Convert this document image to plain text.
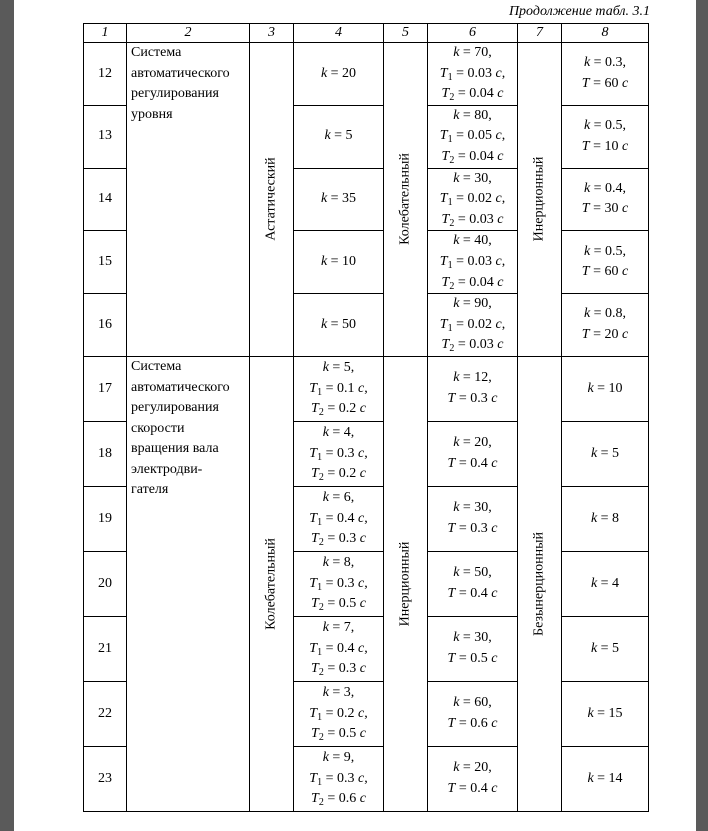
Продолжение табл. 3.1
1	2	3	4	5	6	7	8
12	Система автоматического регулирования уровня	Астатический	k = 20	Колебательный	k = 70,
$T_1 = 0.03$ с,
$T_2 = 0.04$ с	Инерционный	k = 0.3,
T = 60 с

13			k = 5		k = 80,
$T_1 = 0.05$ с,
$T_2 = 0.04$ с		k = 0.5,
T = 10 с

14			k = 35		k = 30,
$T_1 = 0.02$ с,
$T_2 = 0.03$ с		k = 0.4,
T = 30 с

15			k = 10		k = 40,
$T_1 = 0.03$ с,
$T_2 = 0.04$ с		k = 0.5,
T = 60 с

16			k = 50		k = 90,
$T_1 = 0.02$ с,
$T_2 = 0.03$ с		k = 0.8,
T = 20 с

17	Система автоматического регулирования скорости вращения вала электродви-гателя	Колебательный	k = 5,
$T_1 = 0.1$ с,
$T_2 = 0.2$ с	Инерционный	k = 12,
T = 0.3 с	Безынерционный	k = 10

18			k = 4,
$T_1 = 0.3$ с,
$T_2 = 0.2$ с		k = 20,
T = 0.4 с		k = 5

19			k = 6,
$T_1 = 0.4$ с,
$T_2 = 0.3$ с		k = 30,
T = 0.3 с		k = 8

20			k = 8,
$T_1 = 0.3$ с,
$T_2 = 0.5$ с		k = 50,
T = 0.4 с		k = 4

21			k = 7,
$T_1 = 0.4$ с,
$T_2 = 0.3$ с		k = 30,
T = 0.5 с		k = 5

22			k = 3,
$T_1 = 0.2$ с,
$T_2 = 0.5$ с		k = 60,
T = 0.6 с		k = 15

23			k = 9,
$T_1 = 0.3$ с,
$T_2 = 0.6$ с		k = 20,
T = 0.4 с		k = 14
